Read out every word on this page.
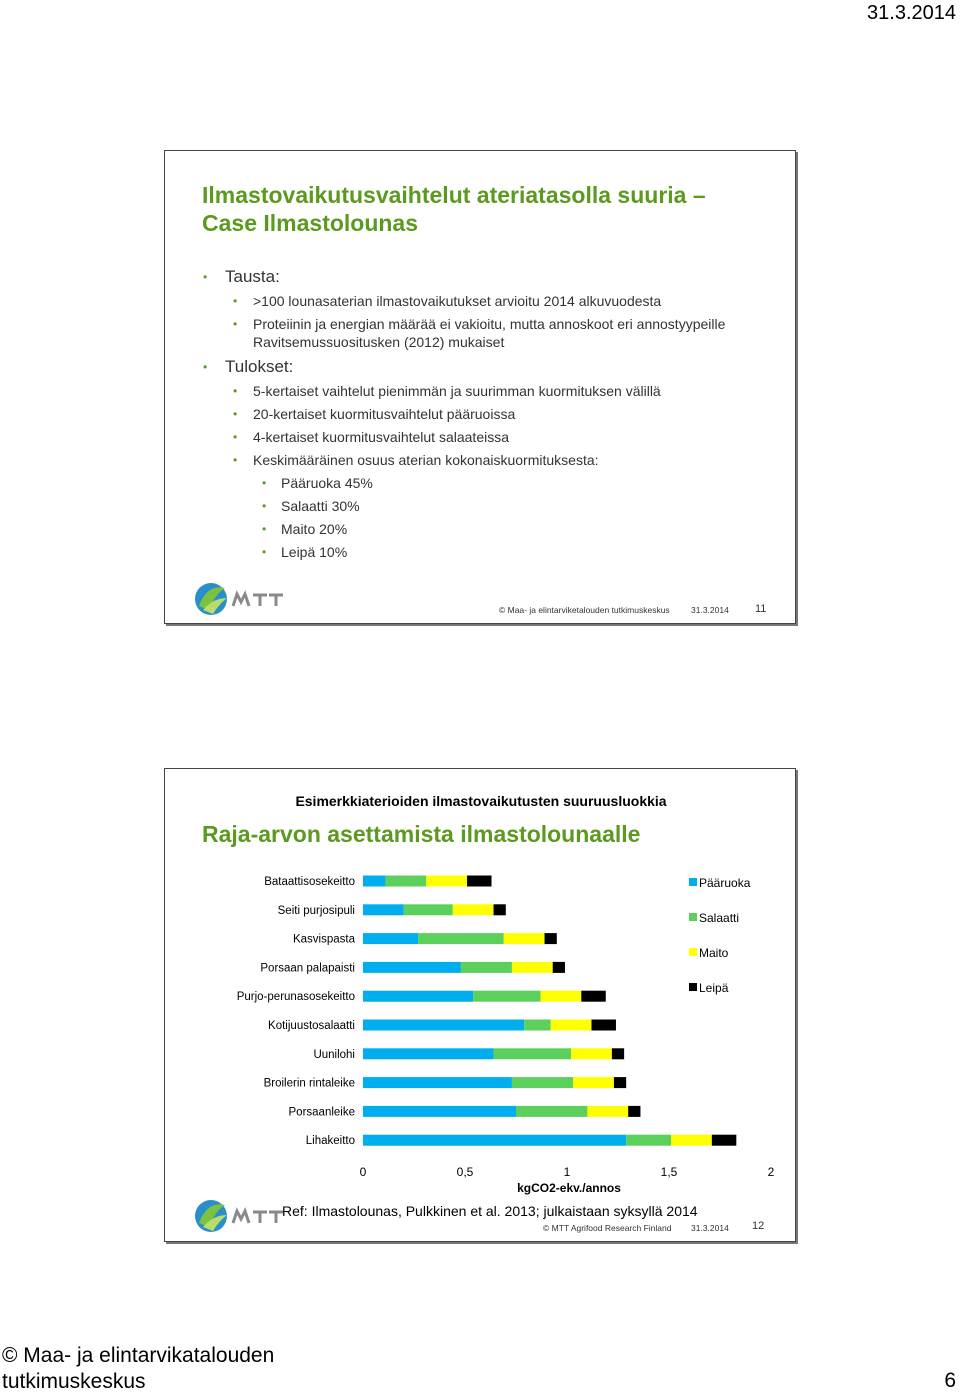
31.3.2014
Ilmastovaikutusvaihtelut ateriatasolla suuria –
Case Ilmastolounas
• Tausta:
• >100 lounasaterian ilmastovaikutukset arvioitu 2014 alkuvuodesta
• Proteiinin ja energian määrää ei vakioitu, mutta annoskoot eri annostyypeille Ravitsemussuositusken (2012) mukaiset
• Tulokset:
• 5-kertaiset vaihtelut pienimmän ja suurimman kuormituksen välillä
• 20-kertaiset kuormitusvaihtelut pääruoissa
• 4-kertaiset kuormitusvaihtelut salaateissa
• Keskimääräinen osuus aterian kokonaiskuormituksesta:
• Pääruoka 45%
• Salaatti 30%
• Maito 20%
• Leipä 10%
© Maa- ja elintarviketalouden tutkimuskeskus	31.3.2014 11
Esimerkkiaterioiden ilmastovaikutusten suuruusluokkia
Raja-arvon asettamista ilmastolounaalle
Bataattisosekeitto
Seiti purjosipuli
Kasvispasta
Porsaan palapaisti
Purjo-perunasosekeitto
Kotijuustosalaatti
Uunilohi
Broilerin rintaleike
Porsaanleike
Lihakeitto
0	0,5	1	1,5	2
kgCO2-ekv./annos
Pääruoka
Salaatti
Maito
Leipä
Ref: Ilmastolounas, Pulkkinen et al. 2013; julkaistaan syksyllä 2014
© MTT Agrifood Research Finland 31.3.2014 12
© Maa- ja elintarvikatalouden
tutkimuskeskus	6
